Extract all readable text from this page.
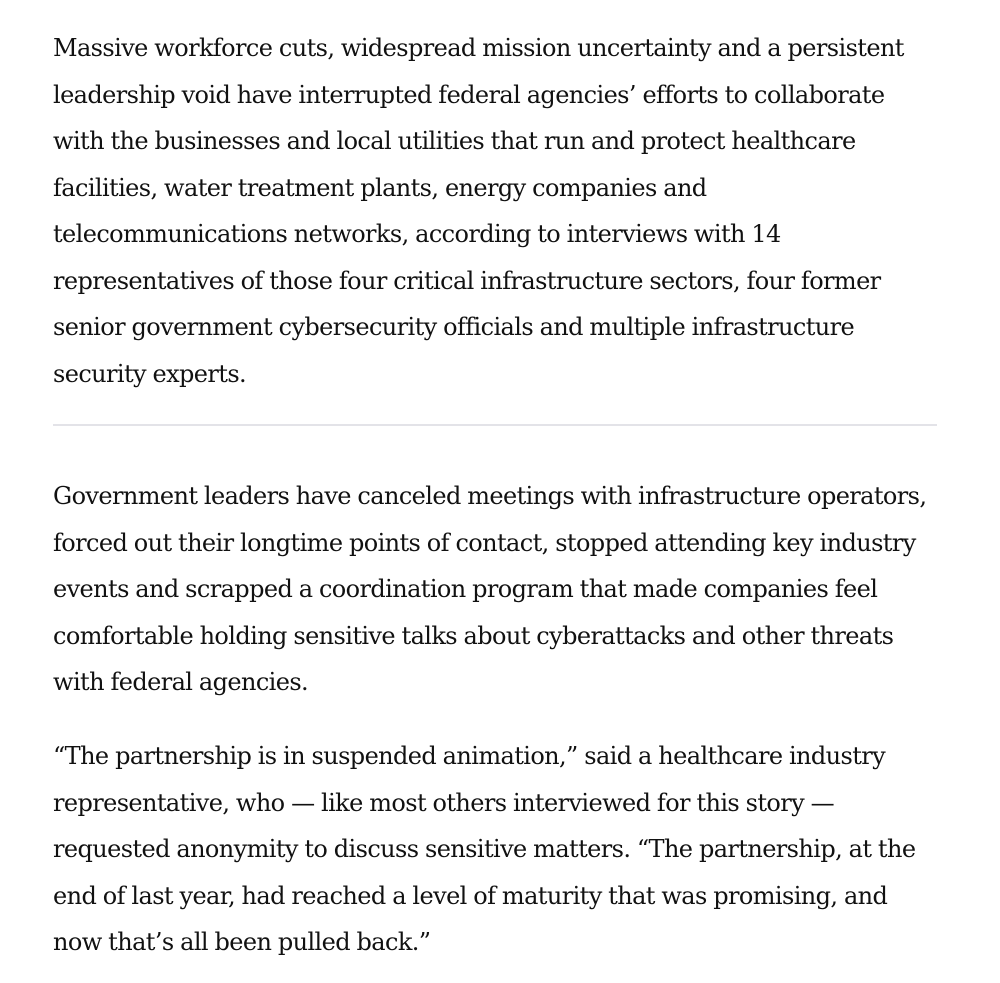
Massive workforce cuts, widespread mission uncertainty and a persistent leadership void have interrupted federal agencies’ efforts to collaborate with the businesses and local utilities that run and protect healthcare facilities, water treatment plants, energy companies and telecommunications networks, according to interviews with 14 representatives of those four critical infrastructure sectors, four former senior government cybersecurity officials and multiple infrastructure security experts.

Government leaders have canceled meetings with infrastructure operators, forced out their longtime points of contact, stopped attending key industry events and scrapped a coordination program that made companies feel comfortable holding sensitive talks about cyberattacks and other threats with federal agencies.

“The partnership is in suspended animation,” said a healthcare industry representative, who — like most others interviewed for this story — requested anonymity to discuss sensitive matters. “The partnership, at the end of last year, had reached a level of maturity that was promising, and now that’s all been pulled back.”
